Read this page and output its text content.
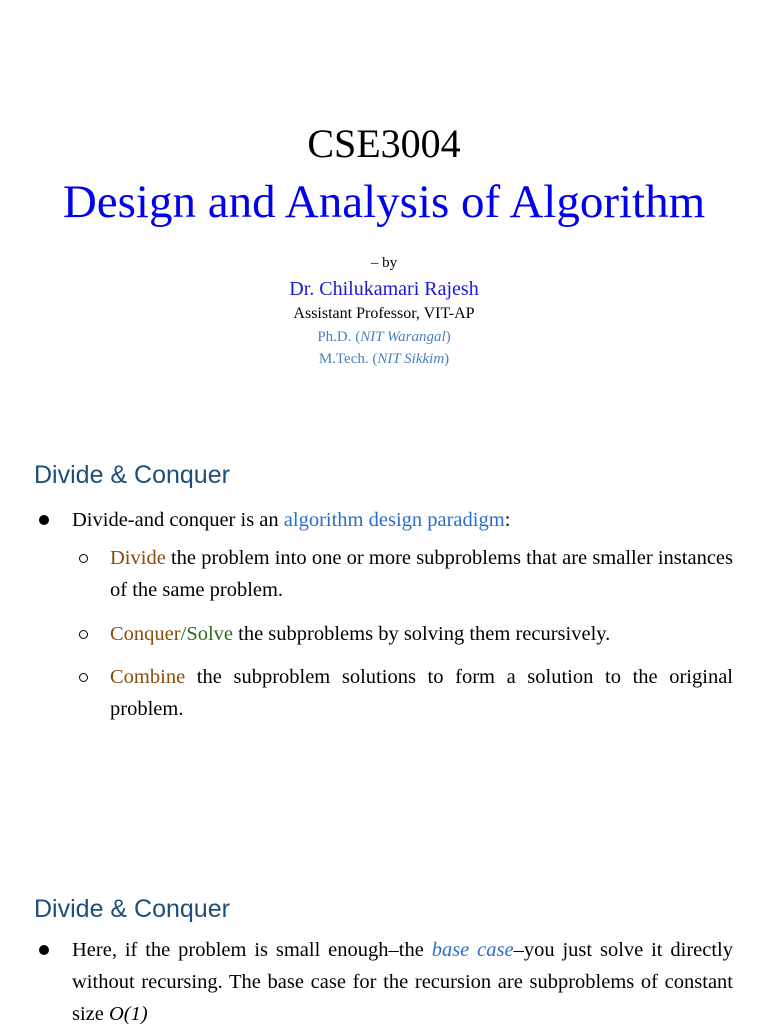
CSE3004
Design and Analysis of Algorithm
– by
Dr. Chilukamari Rajesh
Assistant Professor, VIT-AP
Ph.D. (NIT Warangal)
M.Tech. (NIT Sikkim)
Divide & Conquer
Divide-and conquer is an algorithm design paradigm:
Divide the problem into one or more subproblems that are smaller instances of the same problem.
Conquer/Solve the subproblems by solving them recursively.
Combine the subproblem solutions to form a solution to the original problem.
Divide & Conquer
Here, if the problem is small enough–the base case–you just solve it directly without recursing. The base case for the recursion are subproblems of constant size O(1)
